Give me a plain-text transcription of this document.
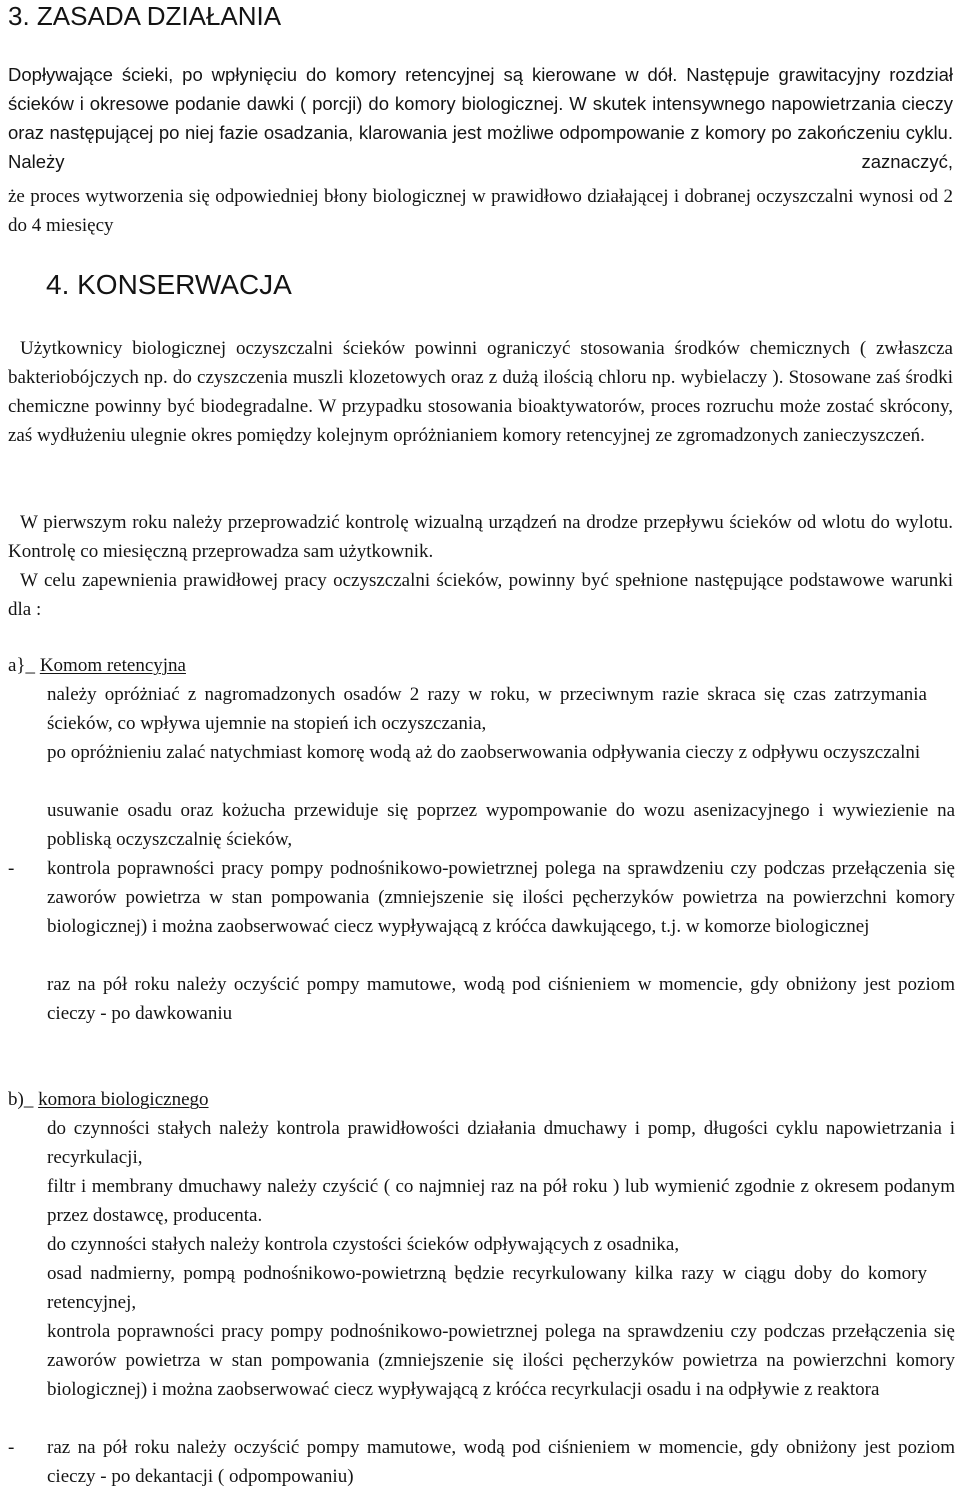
3. ZASADA DZIAŁANIA

Dopływające ścieki, po wpłynięciu do komory retencyjnej są kierowane w dół. Następuje grawitacyjny rozdział ścieków i okresowe podanie dawki ( porcji) do komory biologicznej. W skutek intensywnego napowietrzania cieczy oraz następującej po niej fazie osadzania, klarowania jest możliwe odpompowanie z komory po zakończeniu cyklu. Należy zaznaczyć,

że proces wytworzenia się odpowiedniej błony biologicznej w prawidłowo działającej i dobranej oczyszczalni wynosi od 2 do 4 miesięcy

4. KONSERWACJA

Użytkownicy biologicznej oczyszczalni ścieków powinni ograniczyć stosowania środków chemicznych ( zwłaszcza bakteriobójczych np. do czyszczenia muszli klozetowych oraz z dużą ilością chloru np. wybielaczy ). Stosowane zaś środki chemiczne powinny być biodegradalne. W przypadku stosowania bioaktywatorów, proces rozruchu może zostać skrócony, zaś wydłużeniu ulegnie okres pomiędzy kolejnym opróżnianiem komory retencyjnej ze zgromadzonych zanieczyszczeń.

W pierwszym roku należy przeprowadzić kontrolę wizualną urządzeń na drodze przepływu ścieków od wlotu do wylotu. Kontrolę co miesięczną przeprowadza sam użytkownik.

W celu zapewnienia prawidłowej pracy oczyszczalni ścieków, powinny być spełnione następujące podstawowe warunki dla :

a}_ Komom retencyjna

należy opróżniać z nagromadzonych osadów 2 razy w roku, w przeciwnym razie skraca się czas zatrzymania ścieków, co wpływa ujemnie na stopień ich oczyszczania,

po opróżnieniu zalać natychmiast komorę wodą aż do zaobserwowania odpływania cieczy z odpływu oczyszczalni

usuwanie osadu oraz kożucha przewiduje się poprzez wypompowanie do wozu asenizacyjnego i wywiezienie na pobliską oczyszczalnię ścieków,

- kontrola poprawności pracy pompy podnośnikowo-powietrznej polega na sprawdzeniu czy podczas przełączenia się zaworów powietrza w stan pompowania (zmniejszenie się ilości pęcherzyków powietrza na powierzchni komory biologicznej) i można zaobserwować ciecz wypływającą z króćca dawkującego, t.j. w komorze biologicznej

raz na pół roku należy oczyścić pompy mamutowe, wodą pod ciśnieniem w momencie, gdy obniżony jest poziom cieczy - po dawkowaniu

b)_ komora biologicznego

do czynności stałych należy kontrola prawidłowości działania dmuchawy i pomp, długości cyklu napowietrzania i recyrkulacji,

filtr i membrany dmuchawy należy czyścić ( co najmniej raz na pół roku ) lub wymienić zgodnie z okresem podanym przez dostawcę, producenta.

do czynności stałych należy kontrola czystości ścieków odpływających z osadnika,

osad nadmierny, pompą podnośnikowo-powietrzną będzie recyrkulowany kilka razy w ciągu doby do komory retencyjnej,

kontrola poprawności pracy pompy podnośnikowo-powietrznej polega na sprawdzeniu czy podczas przełączenia się zaworów powietrza w stan pompowania (zmniejszenie się ilości pęcherzyków powietrza na powierzchni komory biologicznej) i można zaobserwować ciecz wypływającą z króćca recyrkulacji osadu i na odpływie z reaktora

- raz na pół roku należy oczyścić pompy mamutowe, wodą pod ciśnieniem w momencie, gdy obniżony jest poziom cieczy - po dekantacji ( odpompowaniu)
